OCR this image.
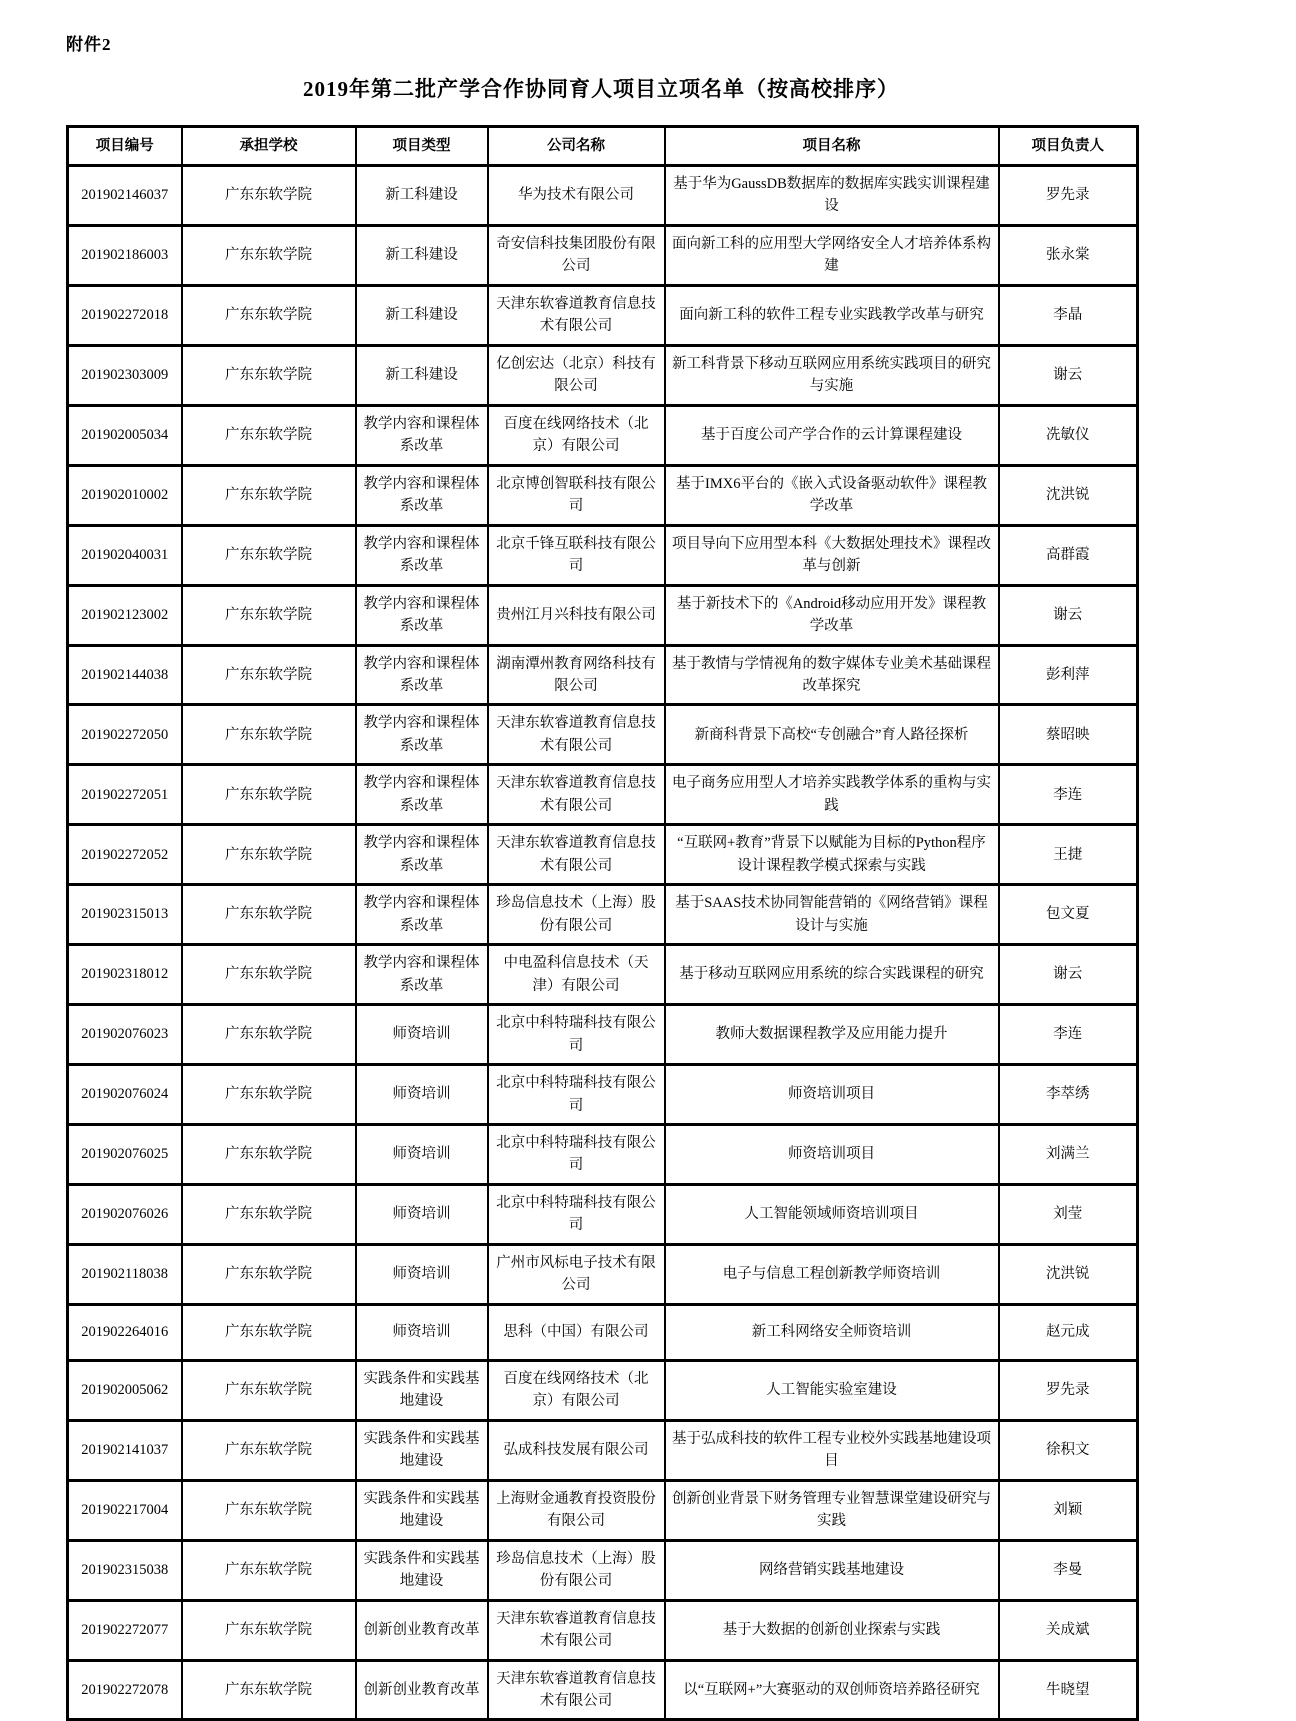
附件2

2019年第二批产学合作协同育人项目立项名单（按高校排序）
项目编号	承担学校	项目类型	公司名称	项目名称	项目负责人
201902146037	广东东软学院	新工科建设	华为技术有限公司	基于华为GaussDB数据库的数据库实践实训课程建设	罗先录
201902186003	广东东软学院	新工科建设	奇安信科技集团股份有限公司	面向新工科的应用型大学网络安全人才培养体系构建	张永棠
201902272018	广东东软学院	新工科建设	天津东软睿道教育信息技术有限公司	面向新工科的软件工程专业实践教学改革与研究	李晶
201902303009	广东东软学院	新工科建设	亿创宏达（北京）科技有限公司	新工科背景下移动互联网应用系统实践项目的研究与实施	谢云
201902005034	广东东软学院	教学内容和课程体系改革	百度在线网络技术（北京）有限公司	基于百度公司产学合作的云计算课程建设	冼敏仪
201902010002	广东东软学院	教学内容和课程体系改革	北京博创智联科技有限公司	基于IMX6平台的《嵌入式设备驱动软件》课程教学改革	沈洪锐
201902040031	广东东软学院	教学内容和课程体系改革	北京千锋互联科技有限公司	项目导向下应用型本科《大数据处理技术》课程改革与创新	高群霞
201902123002	广东东软学院	教学内容和课程体系改革	贵州江月兴科技有限公司	基于新技术下的《Android移动应用开发》课程教学改革	谢云
201902144038	广东东软学院	教学内容和课程体系改革	湖南潭州教育网络科技有限公司	基于教情与学情视角的数字媒体专业美术基础课程改革探究	彭利萍
201902272050	广东东软学院	教学内容和课程体系改革	天津东软睿道教育信息技术有限公司	新商科背景下高校“专创融合”育人路径探析	蔡昭映
201902272051	广东东软学院	教学内容和课程体系改革	天津东软睿道教育信息技术有限公司	电子商务应用型人才培养实践教学体系的重构与实践	李连
201902272052	广东东软学院	教学内容和课程体系改革	天津东软睿道教育信息技术有限公司	“互联网+教育”背景下以赋能为目标的Python程序设计课程教学模式探索与实践	王捷
201902315013	广东东软学院	教学内容和课程体系改革	珍岛信息技术（上海）股份有限公司	基于SAAS技术协同智能营销的《网络营销》课程设计与实施	包文夏
201902318012	广东东软学院	教学内容和课程体系改革	中电盈科信息技术（天津）有限公司	基于移动互联网应用系统的综合实践课程的研究	谢云
201902076023	广东东软学院	师资培训	北京中科特瑞科技有限公司	教师大数据课程教学及应用能力提升	李连
201902076024	广东东软学院	师资培训	北京中科特瑞科技有限公司	师资培训项目	李萃绣
201902076025	广东东软学院	师资培训	北京中科特瑞科技有限公司	师资培训项目	刘满兰
201902076026	广东东软学院	师资培训	北京中科特瑞科技有限公司	人工智能领域师资培训项目	刘莹
201902118038	广东东软学院	师资培训	广州市风标电子技术有限公司	电子与信息工程创新教学师资培训	沈洪锐
201902264016	广东东软学院	师资培训	思科（中国）有限公司	新工科网络安全师资培训	赵元成
201902005062	广东东软学院	实践条件和实践基地建设	百度在线网络技术（北京）有限公司	人工智能实验室建设	罗先录
201902141037	广东东软学院	实践条件和实践基地建设	弘成科技发展有限公司	基于弘成科技的软件工程专业校外实践基地建设项目	徐积文
201902217004	广东东软学院	实践条件和实践基地建设	上海财金通教育投资股份有限公司	创新创业背景下财务管理专业智慧课堂建设研究与实践	刘颖
201902315038	广东东软学院	实践条件和实践基地建设	珍岛信息技术（上海）股份有限公司	网络营销实践基地建设	李曼
201902272077	广东东软学院	创新创业教育改革	天津东软睿道教育信息技术有限公司	基于大数据的创新创业探索与实践	关成斌
201902272078	广东东软学院	创新创业教育改革	天津东软睿道教育信息技术有限公司	以“互联网+”大赛驱动的双创师资培养路径研究	牛晓望
